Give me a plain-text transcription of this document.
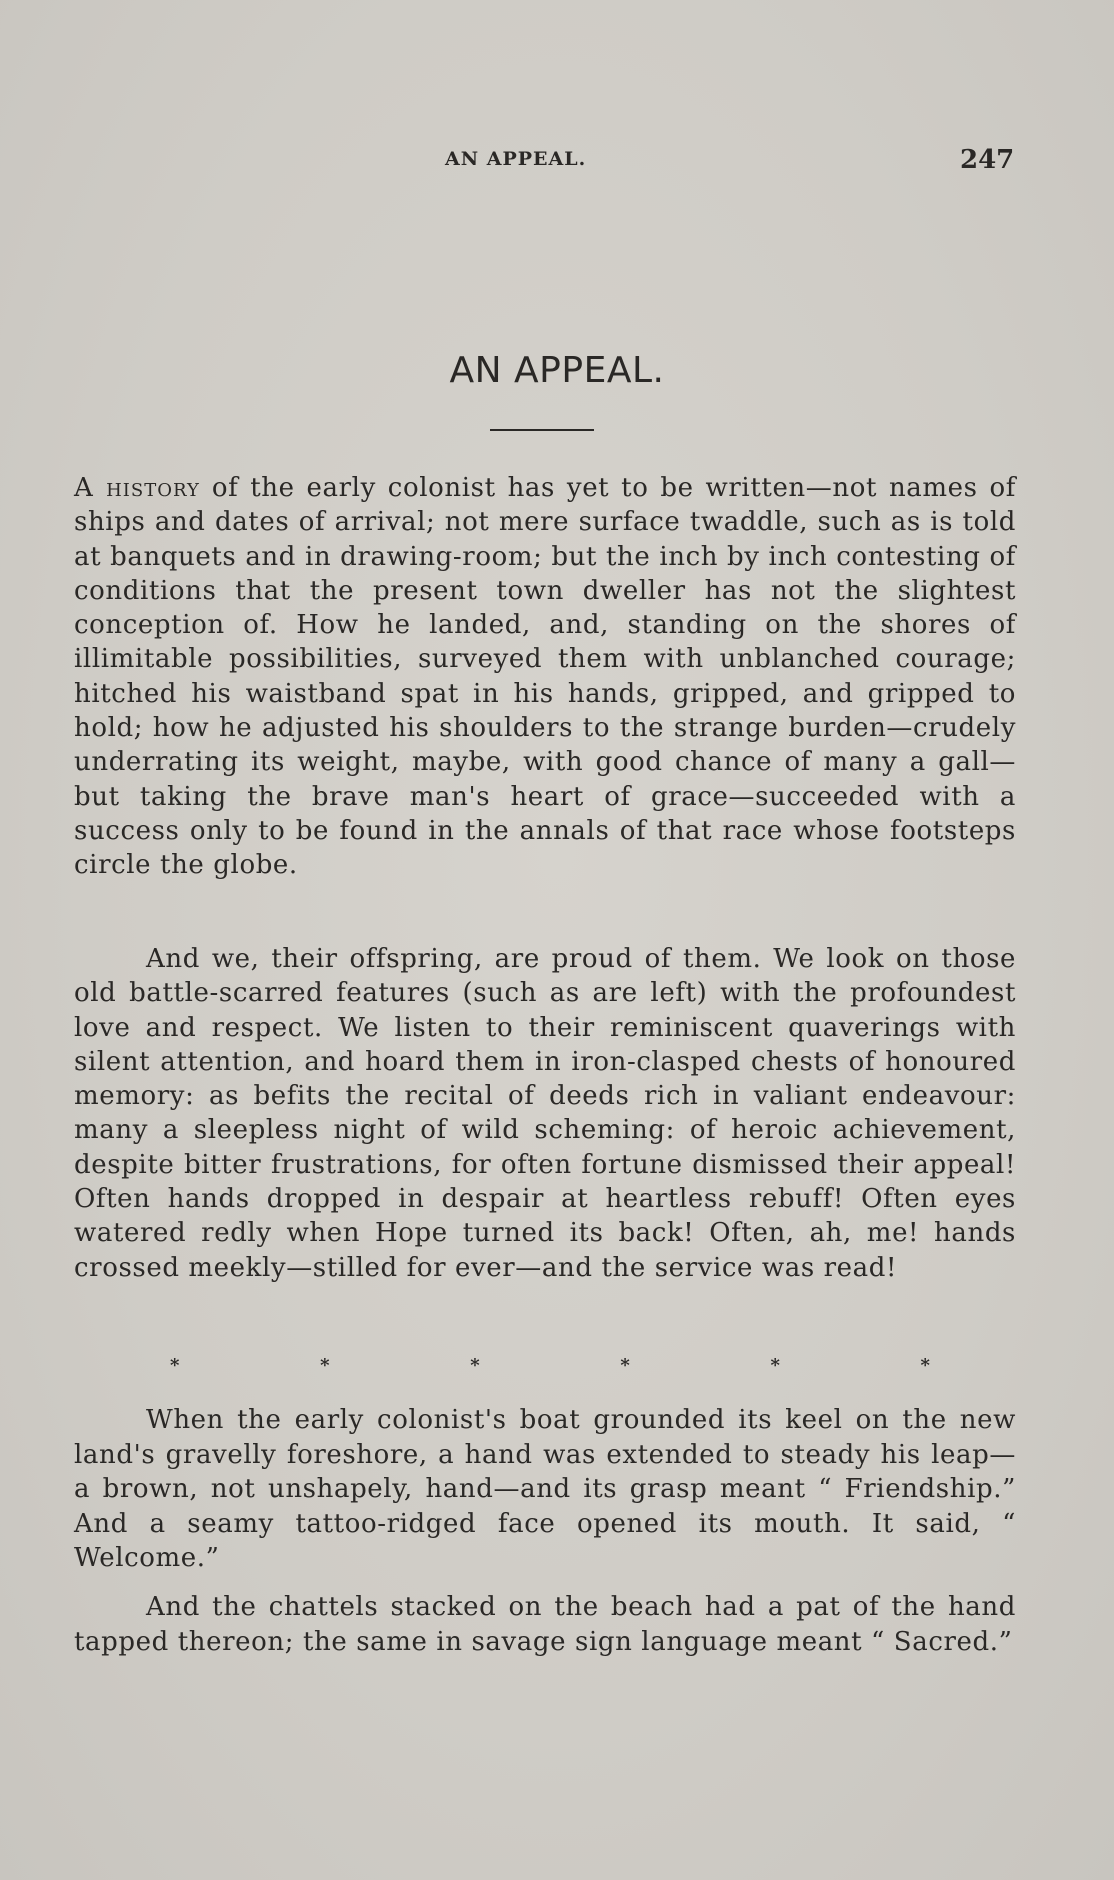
AN APPEAL.	247
AN APPEAL.

A history of the early colonist has yet to be written—not names of ships and dates of arrival; not mere surface twaddle, such as is told at banquets and in drawing-room; but the inch by inch contesting of conditions that the present town dweller has not the slightest conception of. How he landed, and, standing on the shores of illimitable possibilities, surveyed them with unblanched courage; hitched his waistband spat in his hands, gripped, and gripped to hold; how he adjusted his shoulders to the strange burden—crudely underrating its weight, maybe, with good chance of many a gall—but taking the brave man's heart of grace—succeeded with a success only to be found in the annals of that race whose footsteps circle the globe.

And we, their offspring, are proud of them. We look on those old battle-scarred features (such as are left) with the profoundest love and respect. We listen to their reminiscent quaverings with silent attention, and hoard them in iron-clasped chests of honoured memory: as befits the recital of deeds rich in valiant endeavour: many a sleepless night of wild scheming: of heroic achievement, despite bitter frustrations, for often fortune dismissed their appeal! Often hands dropped in despair at heartless rebuff! Often eyes watered redly when Hope turned its back! Often, ah, me! hands crossed meekly—stilled for ever—and the service was read!

*	*	*	*	*	*

When the early colonist's boat grounded its keel on the new land's gravelly foreshore, a hand was extended to steady his leap—a brown, not unshapely, hand—and its grasp meant “ Friendship.” And a seamy tattoo-ridged face opened its mouth. It said, “ Welcome.”

And the chattels stacked on the beach had a pat of the hand tapped thereon; the same in savage sign language meant “ Sacred.”
